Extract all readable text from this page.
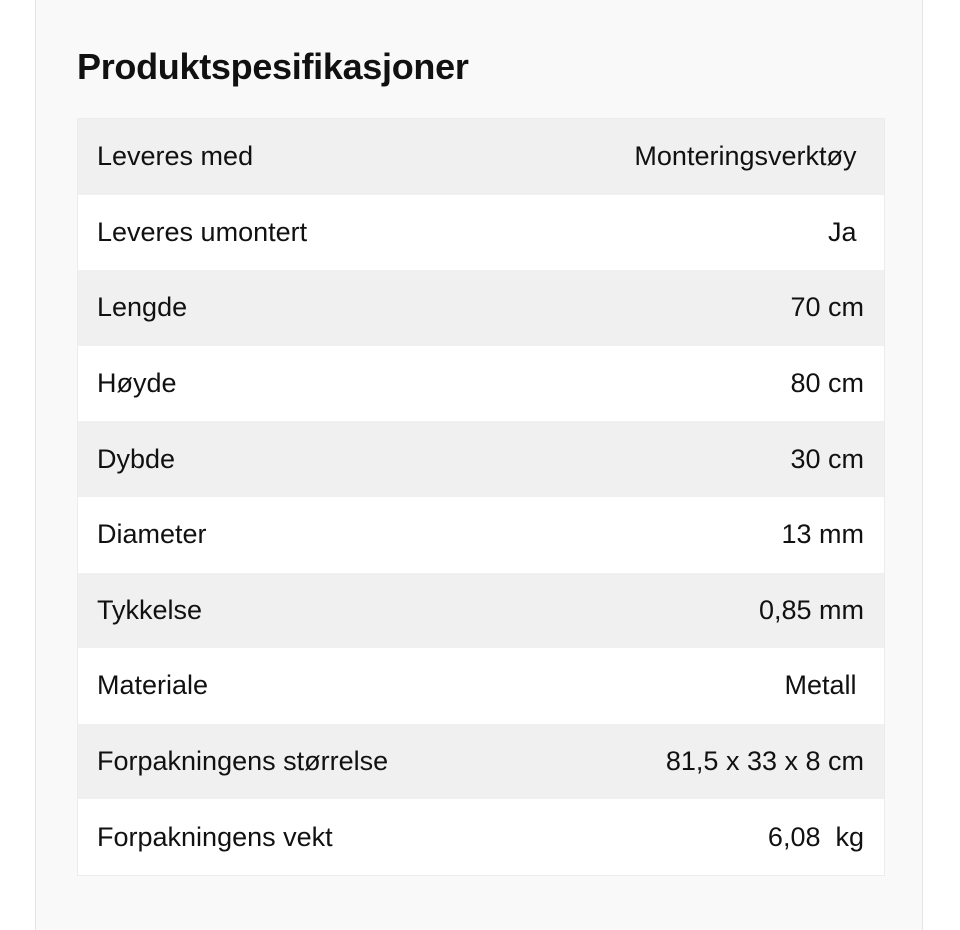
Produktspesifikasjoner
Leveres med	Monteringsverktøy
Leveres umontert	Ja
Lengde	70 cm
Høyde	80 cm
Dybde	30 cm
Diameter	13 mm
Tykkelse	0,85 mm
Materiale	Metall
Forpakningens størrelse	81,5 x 33 x 8 cm
Forpakningens vekt	6,08  kg
